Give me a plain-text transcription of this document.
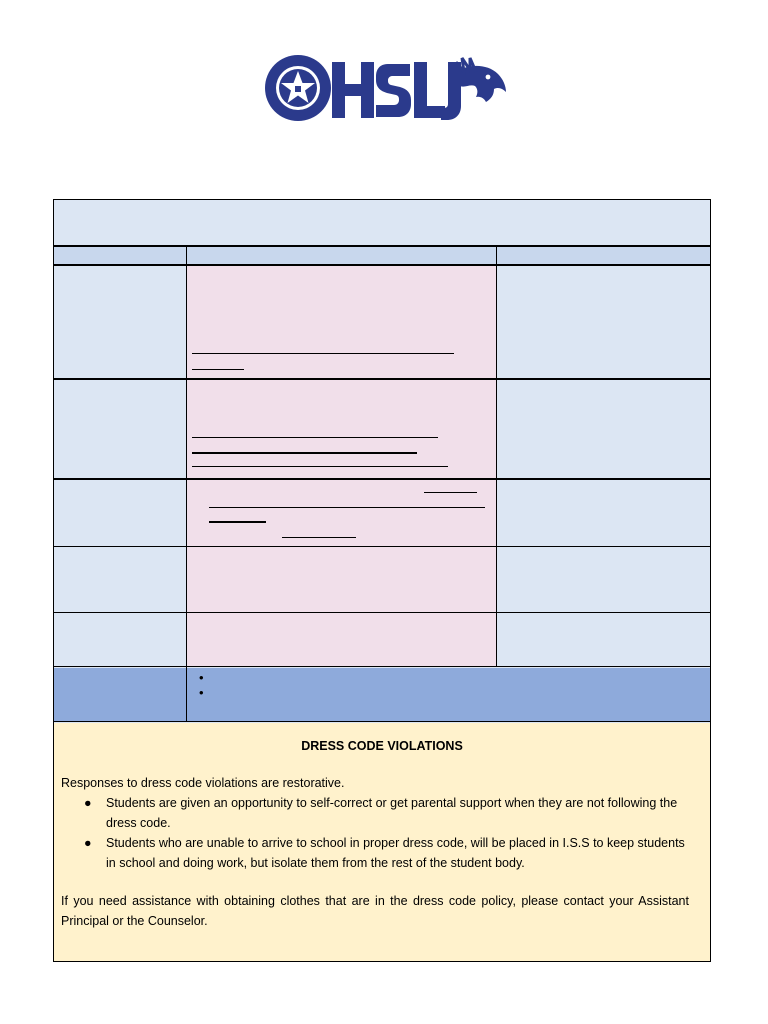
•
•
DRESS CODE VIOLATIONS
Responses to dress code violations are restorative.
● Students are given an opportunity to self-correct or get parental support when they are not following the dress code.
● Students who are unable to arrive to school in proper dress code, will be placed in I.S.S to keep students in school and doing work, but isolate them from the rest of the student body.
If you need assistance with obtaining clothes that are in the dress code policy, please contact your Assistant Principal or the Counselor.
